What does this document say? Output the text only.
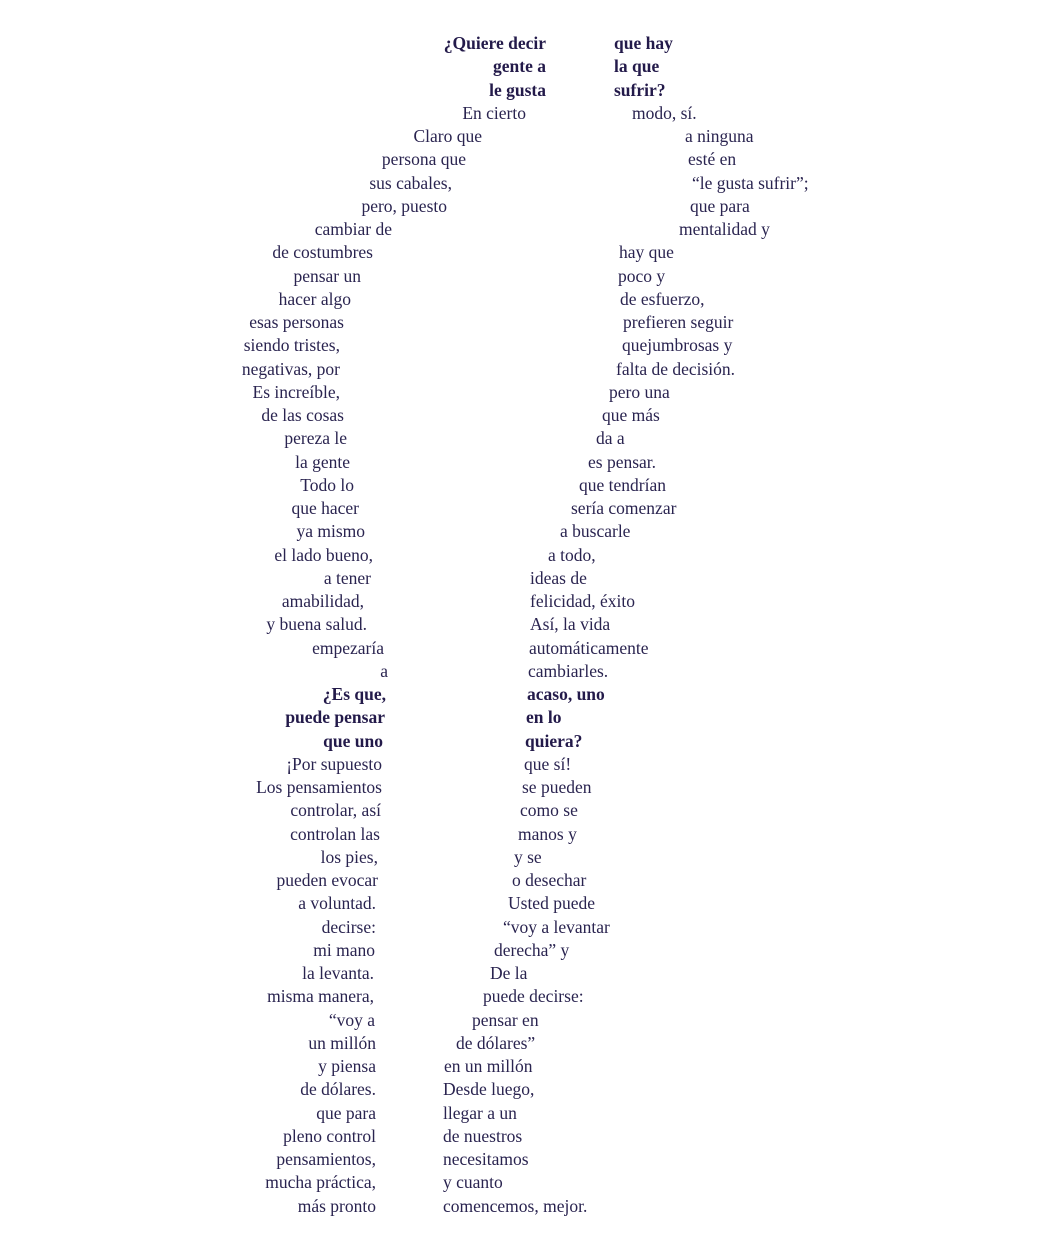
¿Quiere decir	que hay
gente a	la que
le gusta	sufrir?
En cierto	modo, sí.
Claro que	a ninguna
persona que	esté en
sus cabales,	“le gusta sufrir”;
pero, puesto	que para
cambiar de	mentalidad y
de costumbres	hay que
pensar un	poco y
hacer algo	de esfuerzo,
esas personas	prefieren seguir
siendo tristes,	quejumbrosas y
negativas, por	falta de decisión.
Es increíble,	pero una
de las cosas	que más
pereza le	da a
la gente	es pensar.
Todo lo	que tendrían
que hacer	sería comenzar
ya mismo	a buscarle
el lado bueno,	a todo,
a tener	ideas de
amabilidad,	felicidad, éxito
y buena salud.	Así, la vida
empezaría	automáticamente
a	cambiarles.
¿Es que,	acaso, uno
puede pensar	en lo
que uno	quiera?
¡Por supuesto	que sí!
Los pensamientos	se pueden
controlar, así	como se
controlan las	manos y
los pies,	y se
pueden evocar	o desechar
a voluntad.	Usted puede
decirse:	“voy a levantar
mi mano	derecha” y
la levanta.	De la
misma manera,	puede decirse:
“voy a	pensar en
un millón	de dólares”
y piensa	en un millón
de dólares.	Desde luego,
que para	llegar a un
pleno control	de nuestros
pensamientos,	necesitamos
mucha práctica,	y cuanto
más pronto	comencemos, mejor.
